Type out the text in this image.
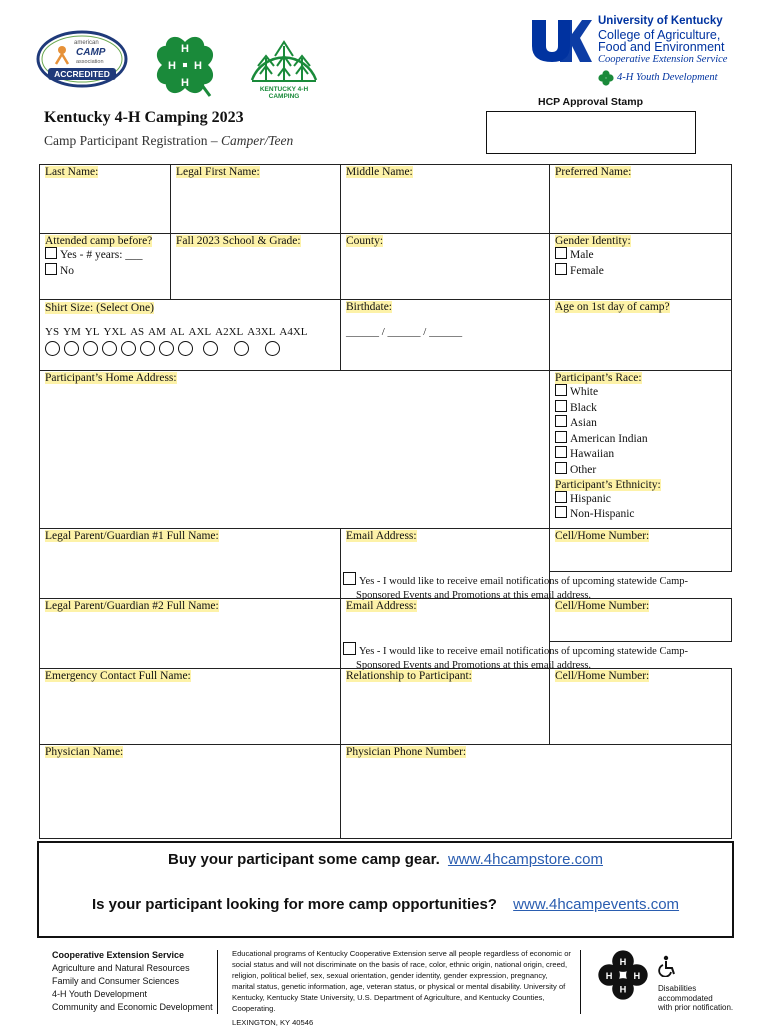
american
CAMP
association
ACCREDITED
H
H H
H
KENTUCKY 4-H CAMPING
University of Kentucky
College of Agriculture,
Food and Environment
Cooperative Extension Service
4-H Youth Development
HCP Approval Stamp
Kentucky 4-H Camping 2023
Camp Participant Registration – Camper/Teen
Last Name:	Legal First Name:	Middle Name:	Preferred Name:
Attended camp before?
Yes - # years: ___
No
Fall 2023 School & Grade:	County:	Gender Identity:
Male
Female
Shirt Size: (Select One)
YS YM YL YXL AS AM AL AXL A2XL A3XL A4XL
Birthdate:
______ / ______ / ______
Age on 1st day of camp?
Participant’s Home Address:	Participant’s Race:
White
Black
Asian
American Indian
Hawaiian
Other
Participant’s Ethnicity:
Hispanic
Non-Hispanic
Legal Parent/Guardian #1 Full Name:	Email Address:	Cell/Home Number:
Yes - I would like to receive email notifications of upcoming statewide Camp-
Sponsored Events and Promotions at this email address.
Legal Parent/Guardian #2 Full Name:	Email Address:	Cell/Home Number:
Yes - I would like to receive email notifications of upcoming statewide Camp-
Sponsored Events and Promotions at this email address.
Emergency Contact Full Name:	Relationship to Participant:	Cell/Home Number:
Physician Name:	Physician Phone Number:
Buy your participant some camp gear. www.4hcampstore.com
Is your participant looking for more camp opportunities? www.4hcampevents.com
Cooperative Extension Service
Agriculture and Natural Resources
Family and Consumer Sciences
4-H Youth Development
Community and Economic Development
Educational programs of Kentucky Cooperative Extension serve all people regardless of economic or social status and will not discriminate on the basis of race, color, ethnic origin, national origin, creed, religion, political belief, sex, sexual orientation, gender identity, gender expression, pregnancy, marital status, genetic information, age, veteran status, or physical or mental disability. University of Kentucky, Kentucky State University, U.S. Department of Agriculture, and Kentucky Counties, Cooperating.
LEXINGTON, KY 40546
H
H H
H	Disabilities
accommodated
with prior notification.
